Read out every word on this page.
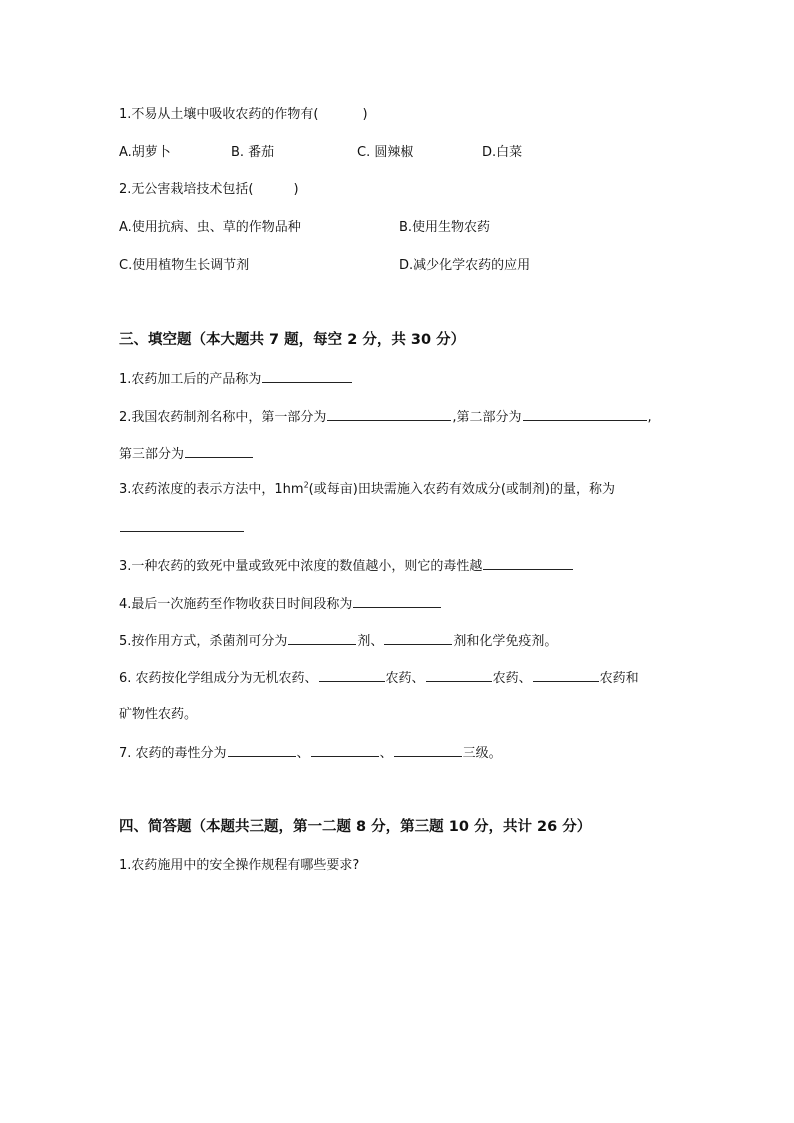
1.不易从土壤中吸收农药的作物有(	)
A.胡萝卜	B. 番茄	C. 圆辣椒	D.白菜
2.无公害栽培技术包括(	)
A.使用抗病、虫、草的作物品种	B.使用生物农药
C.使用植物生长调节剂	D.减少化学农药的应用
三、填空题（本大题共 7 题，每空 2 分，共 30 分）
1.农药加工后的产品称为
2.我国农药制剂名称中，第一部分为	,第二部分为	,
第三部分为
3.农药浓度的表示方法中，$1hm^2$(或每亩)田块需施入农药有效成分(或制剂)的量，称为
3.一种农药的致死中量或致死中浓度的数值越小，则它的毒性越
4.最后一次施药至作物收获日时间段称为
5.按作用方式，杀菌剂可分为	剂、	剂和化学免疫剂。
6. 农药按化学组成分为无机农药、	农药、	农药、	农药和
矿物性农药。
7. 农药的毒性分为	、	、	三级。
四、简答题（本题共三题，第一二题 8 分，第三题 10 分，共计 26 分）
1.农药施用中的安全操作规程有哪些要求?
